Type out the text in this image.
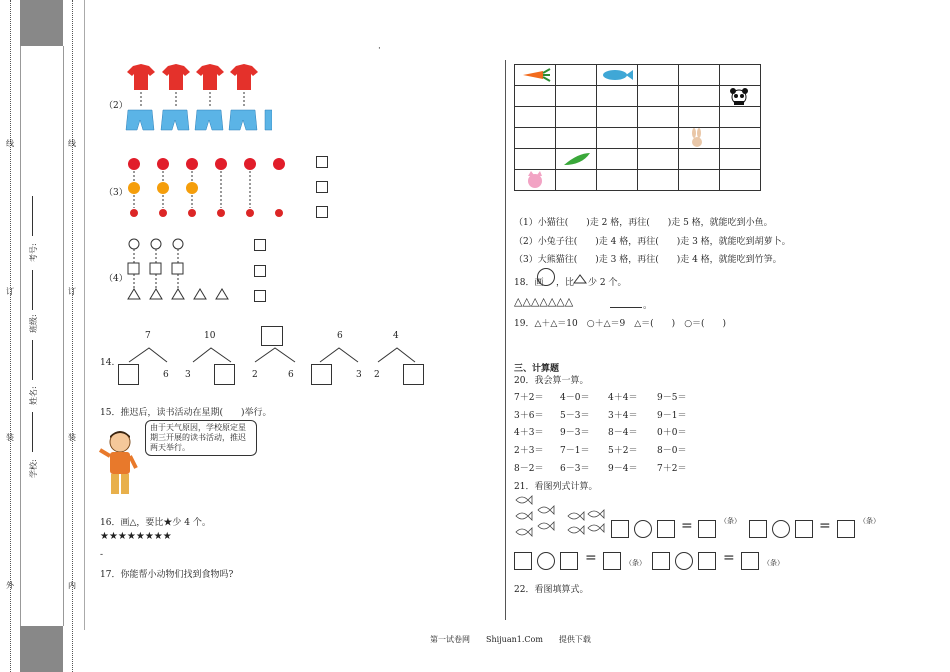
线
订
装
外
线
订
装
内
学校:
姓名:
班级:
考号:
·
（2）
（3）
（4）
14.
7
6
10
3	2	6
6
3
4
2
15．推迟后，读书活动在星期(　　)举行。
由于天气原因，学校原定星期三开展的读书活动，推迟两天举行。
16．画△，要比★少 4 个。
★★★★★★★★
-
17．你能帮小动物们找到食物吗?

（1）小猫往(　　)走 2 格，再往(　　)走 5 格，就能吃到小鱼。
（2）小兔子往(　　)走 4 格，再往(　　)走 3 格，就能吃到胡萝卜。
（3）大熊猫往(　　)走 3 格，再往(　　)走 4 格，就能吃到竹笋。
18．画 ，比 少 2 个。
△△△△△△△	。
19．△＋△＝10　○＋△＝9　△＝(　　)　○＝(　　)
三、计算题
20．我会算一算。
7＋2＝ 4－0＝ 4＋4＝ 9－5＝
3＋6＝ 5－3＝ 3＋4＝ 9－1＝
4＋3＝ 9－3＝ 8－4＝ 0＋0＝
2＋3＝ 7－1＝ 5＋2＝ 8－0＝
8－2＝ 6－3＝ 9－4＝ 7＋2＝
21．看图列式计算。
=	（条）	=	（条）
=	（条）	=	（条）
22．看图填算式。
第一试卷网　　Shijuan1.Com　　提供下载
